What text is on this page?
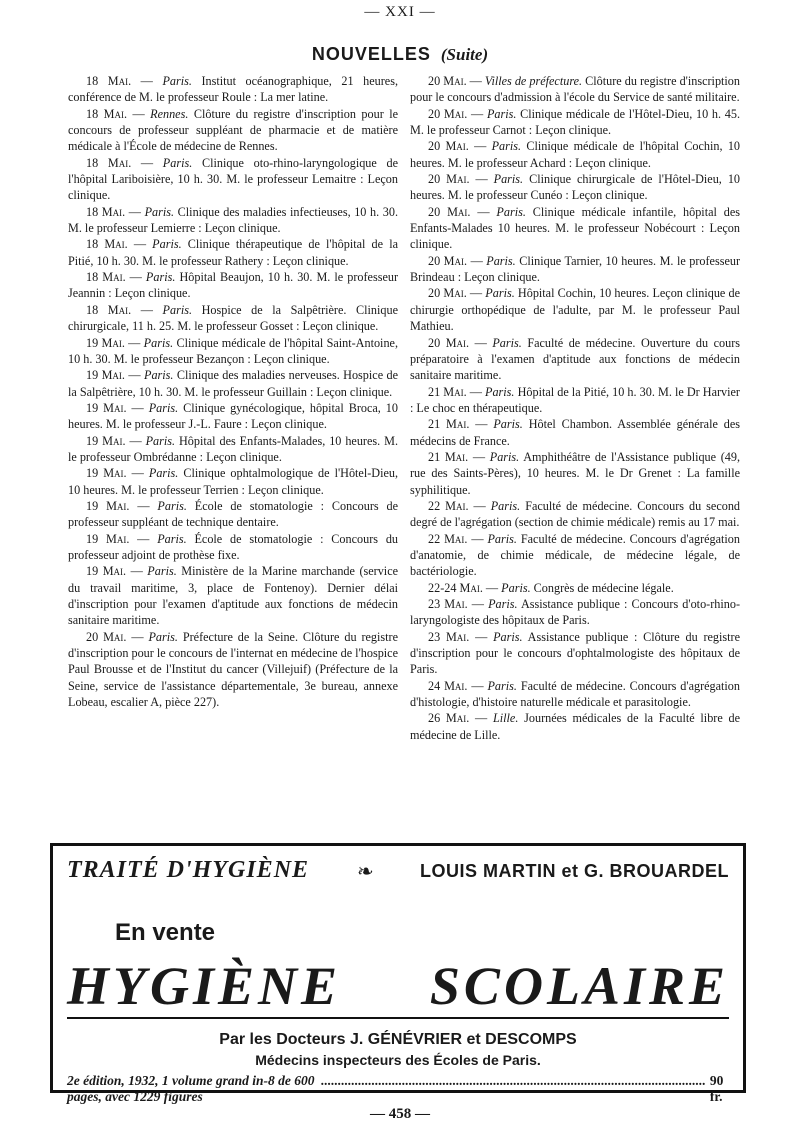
— XXI —
NOUVELLES (Suite)

18 Mai. — Paris. Institut océanographique, 21 heures, conférence de M. le professeur Roule : La mer latine.

18 Mai. — Rennes. Clôture du registre d'inscription pour le concours de professeur suppléant de pharmacie et de matière médicale à l'École de médecine de Rennes.

18 Mai. — Paris. Clinique oto-rhino-laryngologique de l'hôpital Lariboisière, 10 h. 30. M. le professeur Lemaitre : Leçon clinique.

18 Mai. — Paris. Clinique des maladies infectieuses, 10 h. 30. M. le professeur Lemierre : Leçon clinique.

18 Mai. — Paris. Clinique thérapeutique de l'hôpital de la Pitié, 10 h. 30. M. le professeur Rathery : Leçon clinique.

18 Mai. — Paris. Hôpital Beaujon, 10 h. 30. M. le professeur Jeannin : Leçon clinique.

18 Mai. — Paris. Hospice de la Salpêtrière. Clinique chirurgicale, 11 h. 25. M. le professeur Gosset : Leçon clinique.

19 Mai. — Paris. Clinique médicale de l'hôpital Saint-Antoine, 10 h. 30. M. le professeur Bezançon : Leçon clinique.

19 Mai. — Paris. Clinique des maladies nerveuses. Hospice de la Salpêtrière, 10 h. 30. M. le professeur Guillain : Leçon clinique.

19 Mai. — Paris. Clinique gynécologique, hôpital Broca, 10 heures. M. le professeur J.-L. Faure : Leçon clinique.

19 Mai. — Paris. Hôpital des Enfants-Malades, 10 heures. M. le professeur Ombrédanne : Leçon clinique.

19 Mai. — Paris. Clinique ophtalmologique de l'Hôtel-Dieu, 10 heures. M. le professeur Terrien : Leçon clinique.

19 Mai. — Paris. École de stomatologie : Concours de professeur suppléant de technique dentaire.

19 Mai. — Paris. École de stomatologie : Concours du professeur adjoint de prothèse fixe.

19 Mai. — Paris. Ministère de la Marine marchande (service du travail maritime, 3, place de Fontenoy). Dernier délai d'inscription pour l'examen d'aptitude aux fonctions de médecin sanitaire maritime.

20 Mai. — Paris. Préfecture de la Seine. Clôture du registre d'inscription pour le concours de l'internat en médecine de l'hospice Paul Brousse et de l'Institut du cancer (Villejuif) (Préfecture de la Seine, service de l'assistance départementale, 3e bureau, annexe Lobeau, escalier A, pièce 227).

20 Mai. — Villes de préfecture. Clôture du registre d'inscription pour le concours d'admission à l'école du Service de santé militaire.

20 Mai. — Paris. Clinique médicale de l'Hôtel-Dieu, 10 h. 45. M. le professeur Carnot : Leçon clinique.

20 Mai. — Paris. Clinique médicale de l'hôpital Cochin, 10 heures. M. le professeur Achard : Leçon clinique.

20 Mai. — Paris. Clinique chirurgicale de l'Hôtel-Dieu, 10 heures. M. le professeur Cunéo : Leçon clinique.

20 Mai. — Paris. Clinique médicale infantile, hôpital des Enfants-Malades 10 heures. M. le professeur Nobécourt : Leçon clinique.

20 Mai. — Paris. Clinique Tarnier, 10 heures. M. le professeur Brindeau : Leçon clinique.

20 Mai. — Paris. Hôpital Cochin, 10 heures. Leçon clinique de chirurgie orthopédique de l'adulte, par M. le professeur Paul Mathieu.

20 Mai. — Paris. Faculté de médecine. Ouverture du cours préparatoire à l'examen d'aptitude aux fonctions de médecin sanitaire maritime.

21 Mai. — Paris. Hôpital de la Pitié, 10 h. 30. M. le Dr Harvier : Le choc en thérapeutique.

21 Mai. — Paris. Hôtel Chambon. Assemblée générale des médecins de France.

21 Mai. — Paris. Amphithéâtre de l'Assistance publique (49, rue des Saints-Pères), 10 heures. M. le Dr Grenet : La famille syphilitique.

22 Mai. — Paris. Faculté de médecine. Concours du second degré de l'agrégation (section de chimie médicale) remis au 17 mai.

22 Mai. — Paris. Faculté de médecine. Concours d'agrégation d'anatomie, de chimie médicale, de médecine légale, de bactériologie.

22-24 Mai. — Paris. Congrès de médecine légale.

23 Mai. — Paris. Assistance publique : Concours d'oto-rhino-laryngologiste des hôpitaux de Paris.

23 Mai. — Paris. Assistance publique : Clôture du registre d'inscription pour le concours d'ophtalmologiste des hôpitaux de Paris.

24 Mai. — Paris. Faculté de médecine. Concours d'agrégation d'histologie, d'histoire naturelle médicale et parasitologie.

26 Mai. — Lille. Journées médicales de la Faculté libre de médecine de Lille.

TRAITÉ D'HYGIÈNE ❧	LOUIS MARTIN et G. BROUARDEL
En vente
HYGIÈNE SCOLAIRE
Par les Docteurs J. GÉNÉVRIER et DESCOMPS
Médecins inspecteurs des Écoles de Paris.
2e édition, 1932, 1 volume grand in-8 de 600 pages, avec 1229 figures
.................................................................................................................. 90 fr.
— 458 —
